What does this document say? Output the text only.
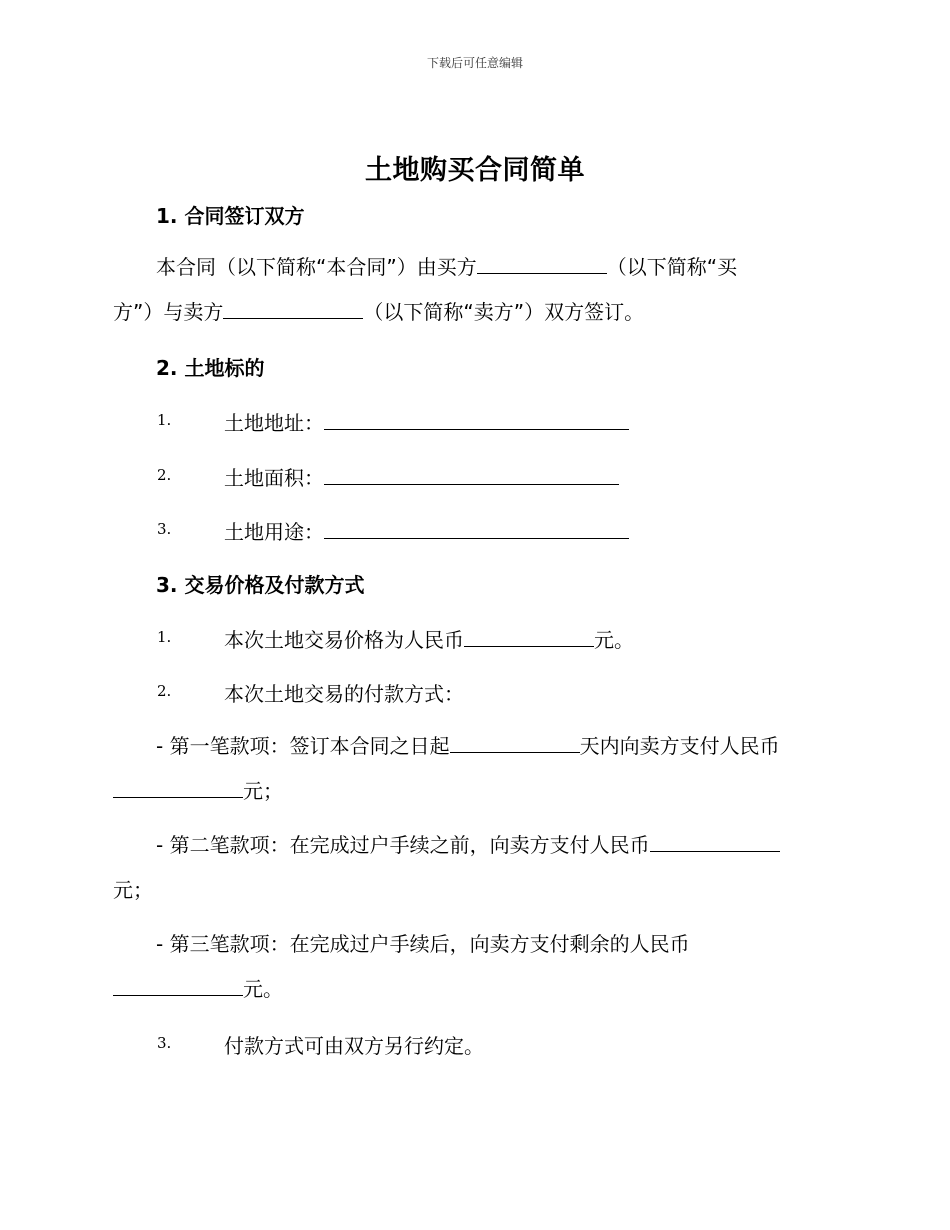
下载后可任意编辑
土地购买合同简单
1. 合同签订双方
本合同（以下简称“本合同”）由买方	（以下简称“买
方”）与卖方	（以下简称“卖方”）双方签订。
2. 土地标的
1.	土地地址：
2.	土地面积：
3.	土地用途：
3. 交易价格及付款方式
1.	本次土地交易价格为人民币	元。
2.	本次土地交易的付款方式：
- 第一笔款项：签订本合同之日起	天内向卖方支付人民币
元；
- 第二笔款项：在完成过户手续之前，向卖方支付人民币
元；
- 第三笔款项：在完成过户手续后，向卖方支付剩余的人民币
元。
3.	付款方式可由双方另行约定。
